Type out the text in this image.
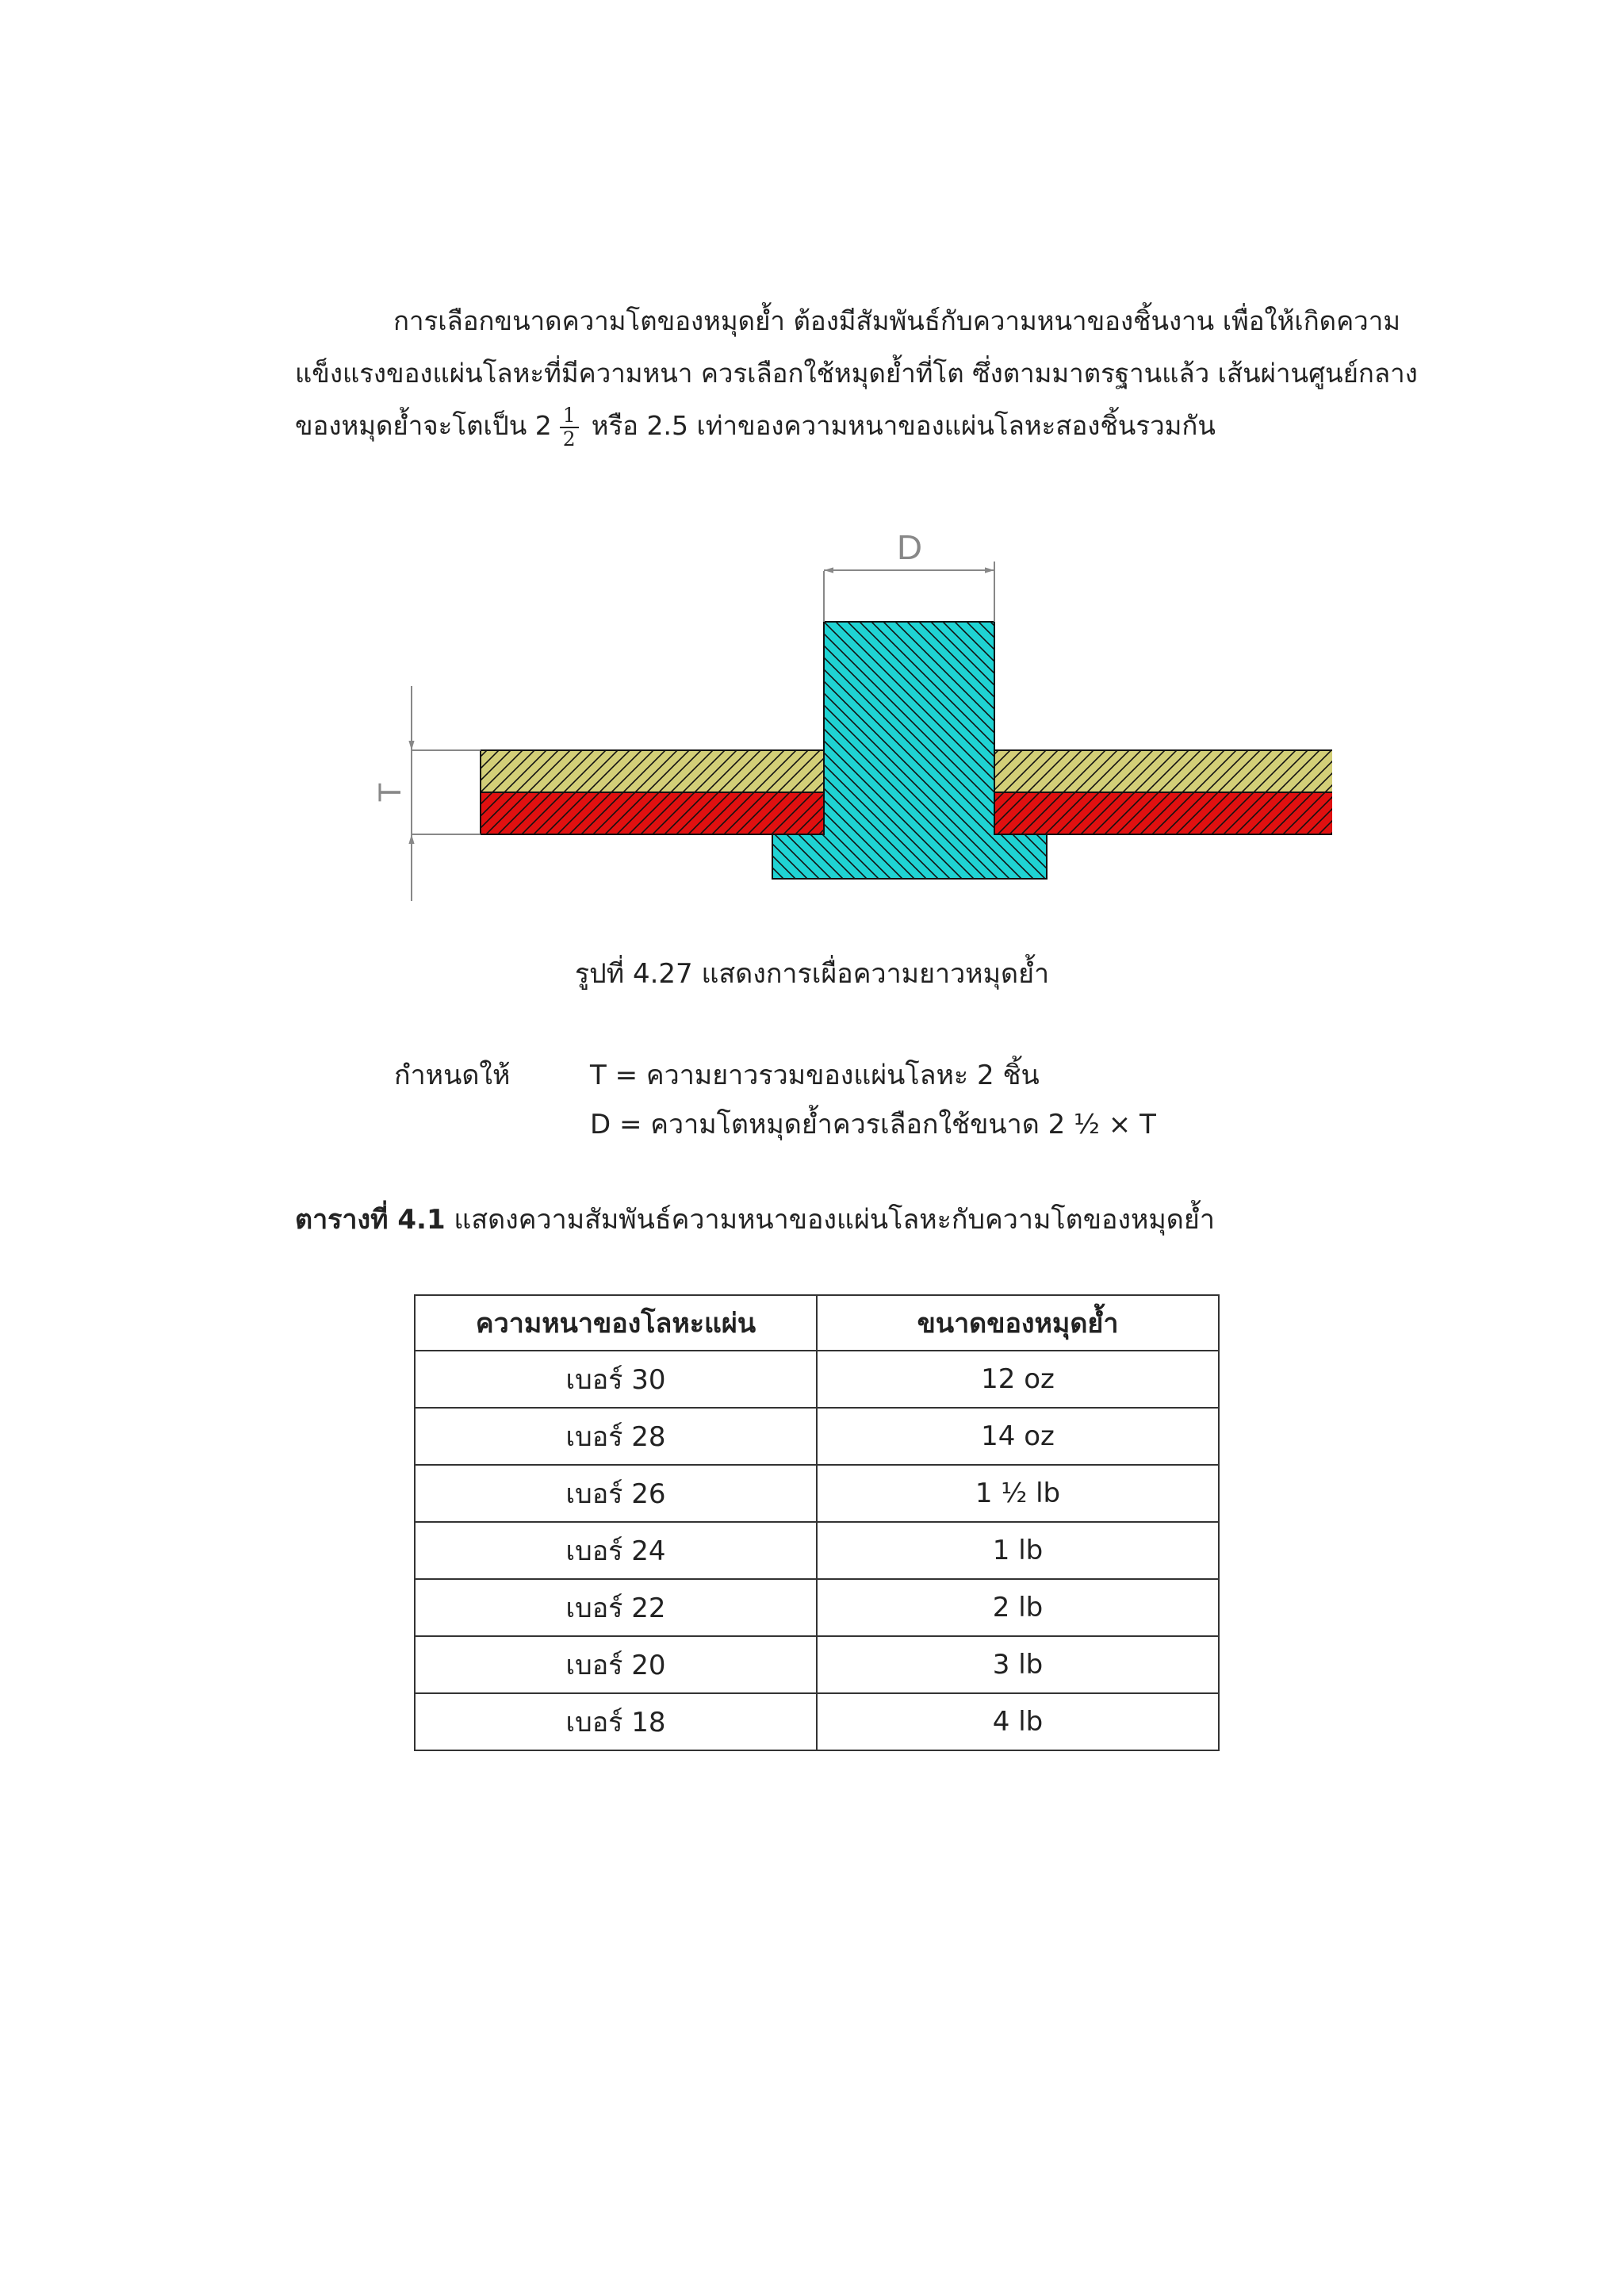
การเลือกขนาดความโตของหมุดย้ำ ต้องมีสัมพันธ์กับความหนาของชิ้นงาน เพื่อให้เกิดความ
แข็งแรงของแผ่นโลหะที่มีความหนา ควรเลือกใช้หมุดย้ำที่โต ซึ่งตามมาตรฐานแล้ว เส้นผ่านศูนย์กลาง
ของหมุดย้ำจะโตเป็น $2 \frac{1}{2}$ หรือ 2.5 เท่าของความหนาของแผ่นโลหะสองชิ้นรวมกัน
D
T
รูปที่ 4.27 แสดงการเผื่อความยาวหมุดย้ำ
กำหนดให้	T = ความยาวรวมของแผ่นโลหะ 2 ชิ้น
D = ความโตหมุดย้ำควรเลือกใช้ขนาด 2 ½ × T
ตารางที่ 4.1 แสดงความสัมพันธ์ความหนาของแผ่นโลหะกับความโตของหมุดย้ำ
ความหนาของโลหะแผ่น	ขนาดของหมุดย้ำ
เบอร์ 30	12 oz
เบอร์ 28	14 oz
เบอร์ 26	1 ½ lb
เบอร์ 24	1 lb
เบอร์ 22	2 lb
เบอร์ 20	3 lb
เบอร์ 18	4 lb
